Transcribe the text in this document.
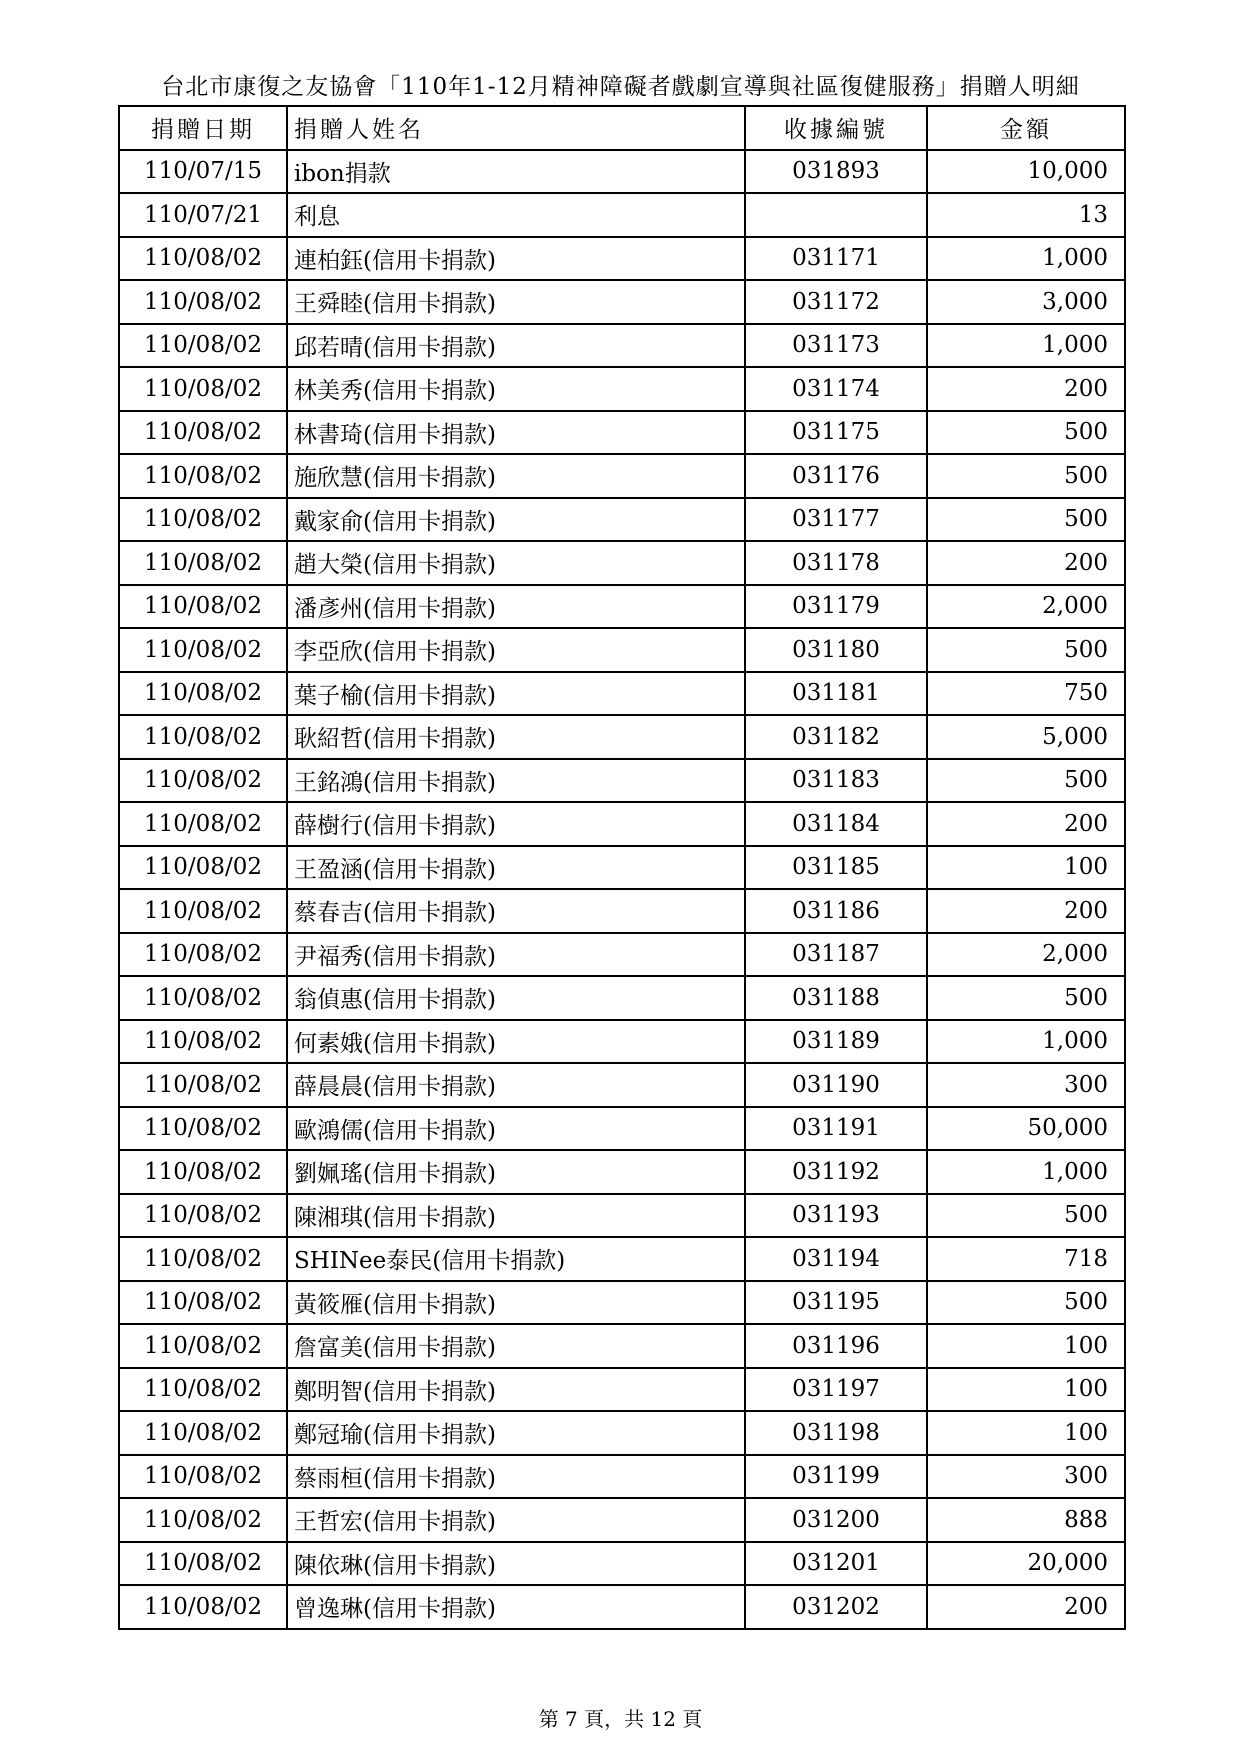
台北市康復之友協會「110年1-12月精神障礙者戲劇宣導與社區復健服務」捐贈人明細
捐贈日期	捐贈人姓名	收據編號	金額
110/07/15	ibon捐款	031893	10,000
110/07/21	利息		13
110/08/02	連柏鈺(信用卡捐款)	031171	1,000
110/08/02	王舜睦(信用卡捐款)	031172	3,000
110/08/02	邱若晴(信用卡捐款)	031173	1,000
110/08/02	林美秀(信用卡捐款)	031174	200
110/08/02	林書琦(信用卡捐款)	031175	500
110/08/02	施欣慧(信用卡捐款)	031176	500
110/08/02	戴家俞(信用卡捐款)	031177	500
110/08/02	趙大榮(信用卡捐款)	031178	200
110/08/02	潘彥州(信用卡捐款)	031179	2,000
110/08/02	李亞欣(信用卡捐款)	031180	500
110/08/02	葉子榆(信用卡捐款)	031181	750
110/08/02	耿紹哲(信用卡捐款)	031182	5,000
110/08/02	王銘鴻(信用卡捐款)	031183	500
110/08/02	薛樹行(信用卡捐款)	031184	200
110/08/02	王盈涵(信用卡捐款)	031185	100
110/08/02	蔡春吉(信用卡捐款)	031186	200
110/08/02	尹福秀(信用卡捐款)	031187	2,000
110/08/02	翁偵惠(信用卡捐款)	031188	500
110/08/02	何素娥(信用卡捐款)	031189	1,000
110/08/02	薛晨晨(信用卡捐款)	031190	300
110/08/02	歐鴻儒(信用卡捐款)	031191	50,000
110/08/02	劉姵瑤(信用卡捐款)	031192	1,000
110/08/02	陳湘琪(信用卡捐款)	031193	500
110/08/02	SHINee泰民(信用卡捐款)	031194	718
110/08/02	黃筱雁(信用卡捐款)	031195	500
110/08/02	詹富美(信用卡捐款)	031196	100
110/08/02	鄭明智(信用卡捐款)	031197	100
110/08/02	鄭冠瑜(信用卡捐款)	031198	100
110/08/02	蔡雨桓(信用卡捐款)	031199	300
110/08/02	王哲宏(信用卡捐款)	031200	888
110/08/02	陳依琳(信用卡捐款)	031201	20,000
110/08/02	曾逸琳(信用卡捐款)	031202	200
第 7 頁，共 12 頁
